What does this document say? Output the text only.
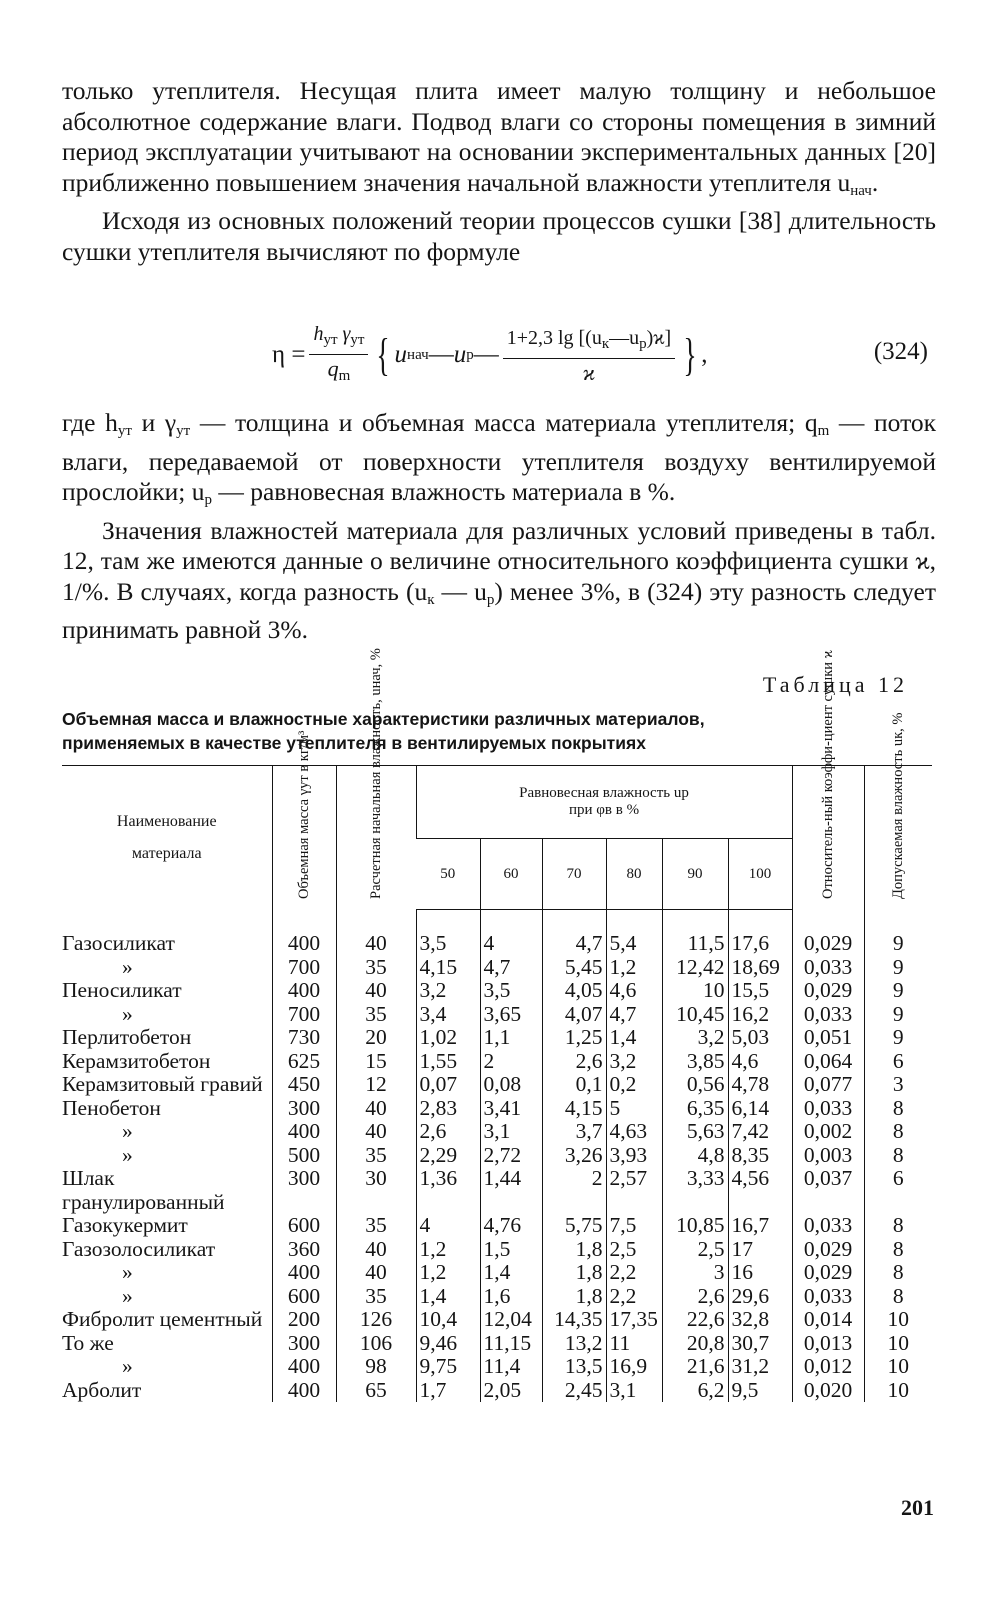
только утеплителя. Несущая плита имеет малую толщину и небольшое абсолютное содержание влаги. Подвод влаги со стороны помещения в зимний период эксплуатации учитывают на основании экспериментальных данных [20] приближенно повышением значения начальной влажности утеплителя $u_{нач}$.

Исходя из основных положений теории процессов сушки [38] длительность сушки утеплителя вычисляют по формуле

$\eta = \frac{h_{ут} \gamma_{ут}}{q_m}$ { u нач — u р — $\frac{1+2,3 \lg [(u_к—u_р)ϰ]}{ϰ}$ } ,	(324)

где $h_{ут}$ и $\gamma_{ут}$ — толщина и объемная масса материала утеплителя; $q_m$ — поток влаги, передаваемой от поверхности утеплителя воздуху вентилируемой прослойки; $u_р$ — равновесная влажность материала в %.

Значения влажностей материала для различных условий приведены в табл. 12, там же имеются данные о величине относительного коэффициента сушки ϰ, 1/%. В случаях, когда разность ($u_к$ — $u_р$) менее 3%, в (324) эту разность следует принимать равной 3%.

Таблица 12
Объемная масса и влажностные характеристики различных материалов,
применяемых в качестве утеплителя в вентилируемых покрытиях
Наименование материала	Объемная масса γут в кг/м³	Расчетная начальная влажность, uнач, %	Равновесная влажность uр
при φв в %						Относитель-ный коэффи-циент сушки ϰ	Допускаемая влажность uк, %
			50	60	70	80	90	100		
Газосиликат	400	40	3,5	4	4,7	5,4	11,5	17,6	0,029	9
»	700	35	4,15	4,7	5,45	1,2	12,42	18,69	0,033	9
Пеносиликат	400	40	3,2	3,5	4,05	4,6	10	15,5	0,029	9
»	700	35	3,4	3,65	4,07	4,7	10,45	16,2	0,033	9
Перлитобетон	730	20	1,02	1,1	1,25	1,4	3,2	5,03	0,051	9
Керамзитобетон	625	15	1,55	2	2,6	3,2	3,85	4,6	0,064	6
Керамзитовый гравий	450	12	0,07	0,08	0,1	0,2	0,56	4,78	0,077	3
Пенобетон	300	40	2,83	3,41	4,15	5	6,35	6,14	0,033	8
»	400	40	2,6	3,1	3,7	4,63	5,63	7,42	0,002	8
»	500	35	2,29	2,72	3,26	3,93	4,8	8,35	0,003	8
Шлак гранулированный	300	30	1,36	1,44	2	2,57	3,33	4,56	0,037	6
Газокукермит	600	35	4	4,76	5,75	7,5	10,85	16,7	0,033	8
Газозолосиликат	360	40	1,2	1,5	1,8	2,5	2,5	17	0,029	8
»	400	40	1,2	1,4	1,8	2,2	3	16	0,029	8
»	600	35	1,4	1,6	1,8	2,2	2,6	29,6	0,033	8
Фибролит цементный	200	126	10,4	12,04	14,35	17,35	22,6	32,8	0,014	10
То же	300	106	9,46	11,15	13,2	11	20,8	30,7	0,013	10
»	400	98	9,75	11,4	13,5	16,9	21,6	31,2	0,012	10
Арболит	400	65	1,7	2,05	2,45	3,1	6,2	9,5	0,020	10
201
